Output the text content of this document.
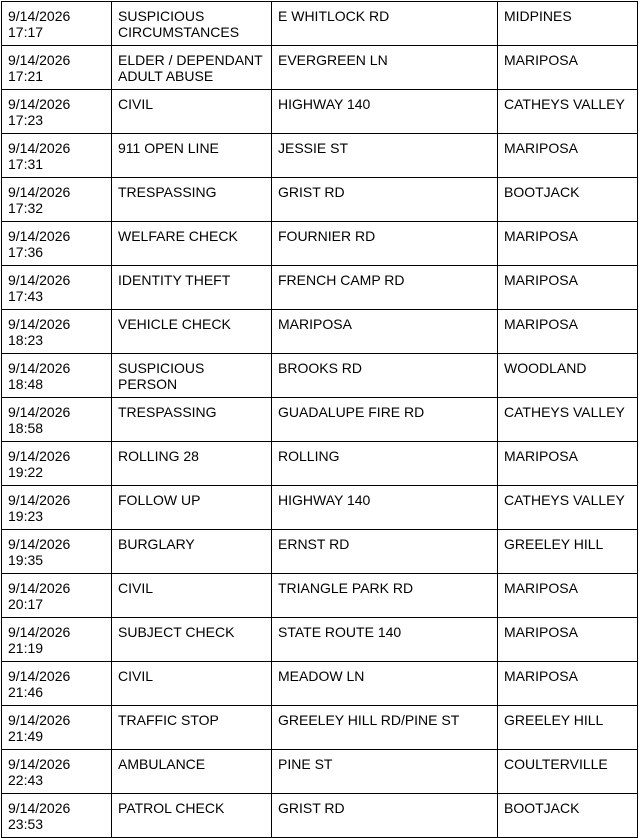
9/14/2026 17:17	SUSPICIOUS CIRCUMSTANCES	E WHITLOCK RD	MIDPINES
9/14/2026 17:21	ELDER / DEPENDANT ADULT ABUSE	EVERGREEN LN	MARIPOSA
9/14/2026 17:23	CIVIL	HIGHWAY 140	CATHEYS VALLEY
9/14/2026 17:31	911 OPEN LINE	JESSIE ST	MARIPOSA
9/14/2026 17:32	TRESPASSING	GRIST RD	BOOTJACK
9/14/2026 17:36	WELFARE CHECK	FOURNIER RD	MARIPOSA
9/14/2026 17:43	IDENTITY THEFT	FRENCH CAMP RD	MARIPOSA
9/14/2026 18:23	VEHICLE CHECK	MARIPOSA	MARIPOSA
9/14/2026 18:48	SUSPICIOUS PERSON	BROOKS RD	WOODLAND
9/14/2026 18:58	TRESPASSING	GUADALUPE FIRE RD	CATHEYS VALLEY
9/14/2026 19:22	ROLLING 28	ROLLING	MARIPOSA
9/14/2026 19:23	FOLLOW UP	HIGHWAY 140	CATHEYS VALLEY
9/14/2026 19:35	BURGLARY	ERNST RD	GREELEY HILL
9/14/2026 20:17	CIVIL	TRIANGLE PARK RD	MARIPOSA
9/14/2026 21:19	SUBJECT CHECK	STATE ROUTE 140	MARIPOSA
9/14/2026 21:46	CIVIL	MEADOW LN	MARIPOSA
9/14/2026 21:49	TRAFFIC STOP	GREELEY HILL RD/PINE ST	GREELEY HILL
9/14/2026 22:43	AMBULANCE	PINE ST	COULTERVILLE
9/14/2026 23:53	PATROL CHECK	GRIST RD	BOOTJACK
